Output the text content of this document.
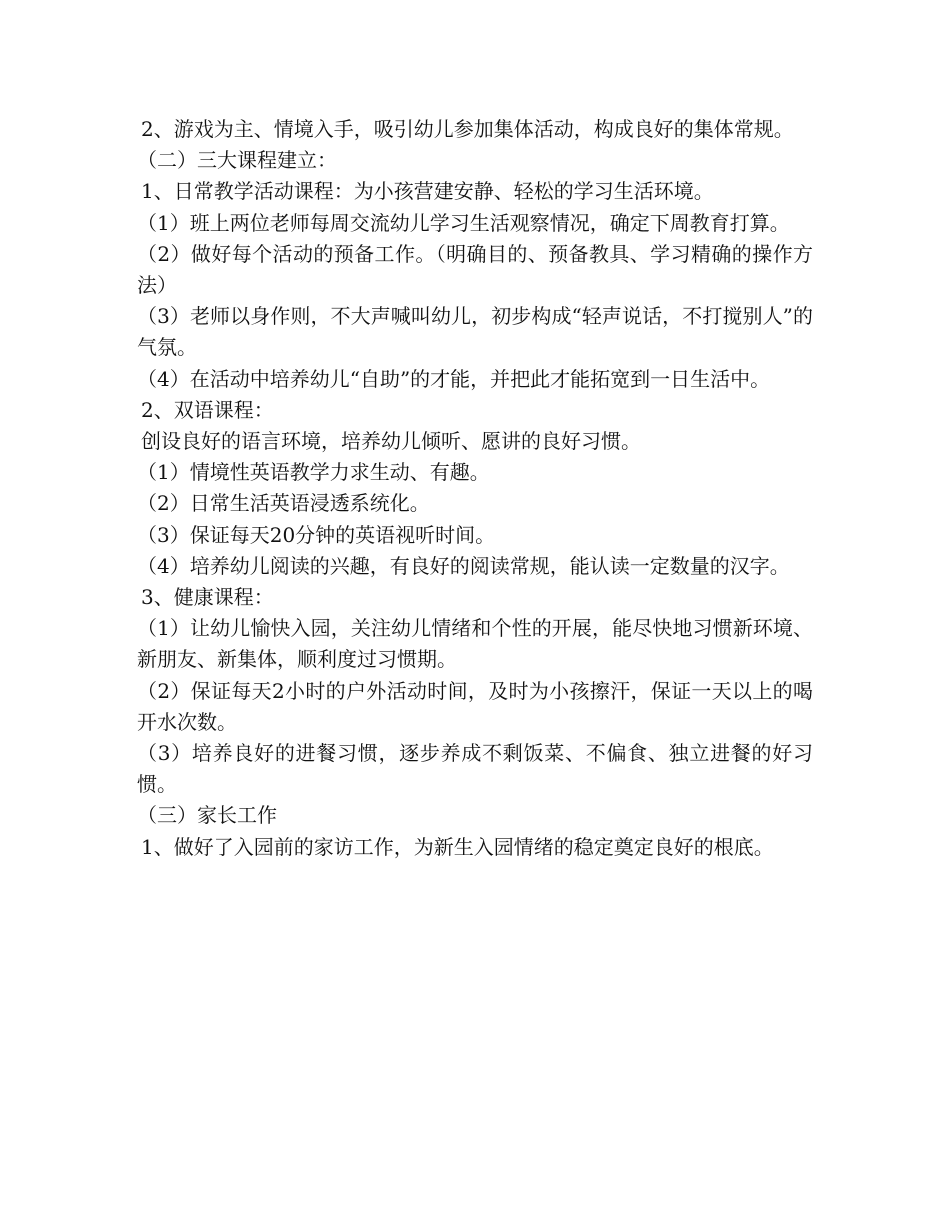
2、游戏为主、情境入手，吸引幼儿参加集体活动，构成良好的集体常规。

（二）三大课程建立：

1、日常教学活动课程：为小孩营建安静、轻松的学习生活环境。

（1）班上两位老师每周交流幼儿学习生活观察情况，确定下周教育打算。

（2）做好每个活动的预备工作。（明确目的、预备教具、学习精确的操作方法）

（3）老师以身作则，不大声喊叫幼儿，初步构成“轻声说话，不打搅别人”的气氛。

（4）在活动中培养幼儿“自助”的才能，并把此才能拓宽到一日生活中。

2、双语课程：

创设良好的语言环境，培养幼儿倾听、愿讲的良好习惯。

（1）情境性英语教学力求生动、有趣。

（2）日常生活英语浸透系统化。

（3）保证每天20分钟的英语视听时间。

（4）培养幼儿阅读的兴趣，有良好的阅读常规，能认读一定数量的汉字。

3、健康课程：

（1）让幼儿愉快入园，关注幼儿情绪和个性的开展，能尽快地习惯新环境、新朋友、新集体，顺利度过习惯期。

（2）保证每天2小时的户外活动时间，及时为小孩擦汗，保证一天以上的喝开水次数。

（3）培养良好的进餐习惯，逐步养成不剩饭菜、不偏食、独立进餐的好习惯。

（三）家长工作

1、做好了入园前的家访工作，为新生入园情绪的稳定奠定良好的根底。
